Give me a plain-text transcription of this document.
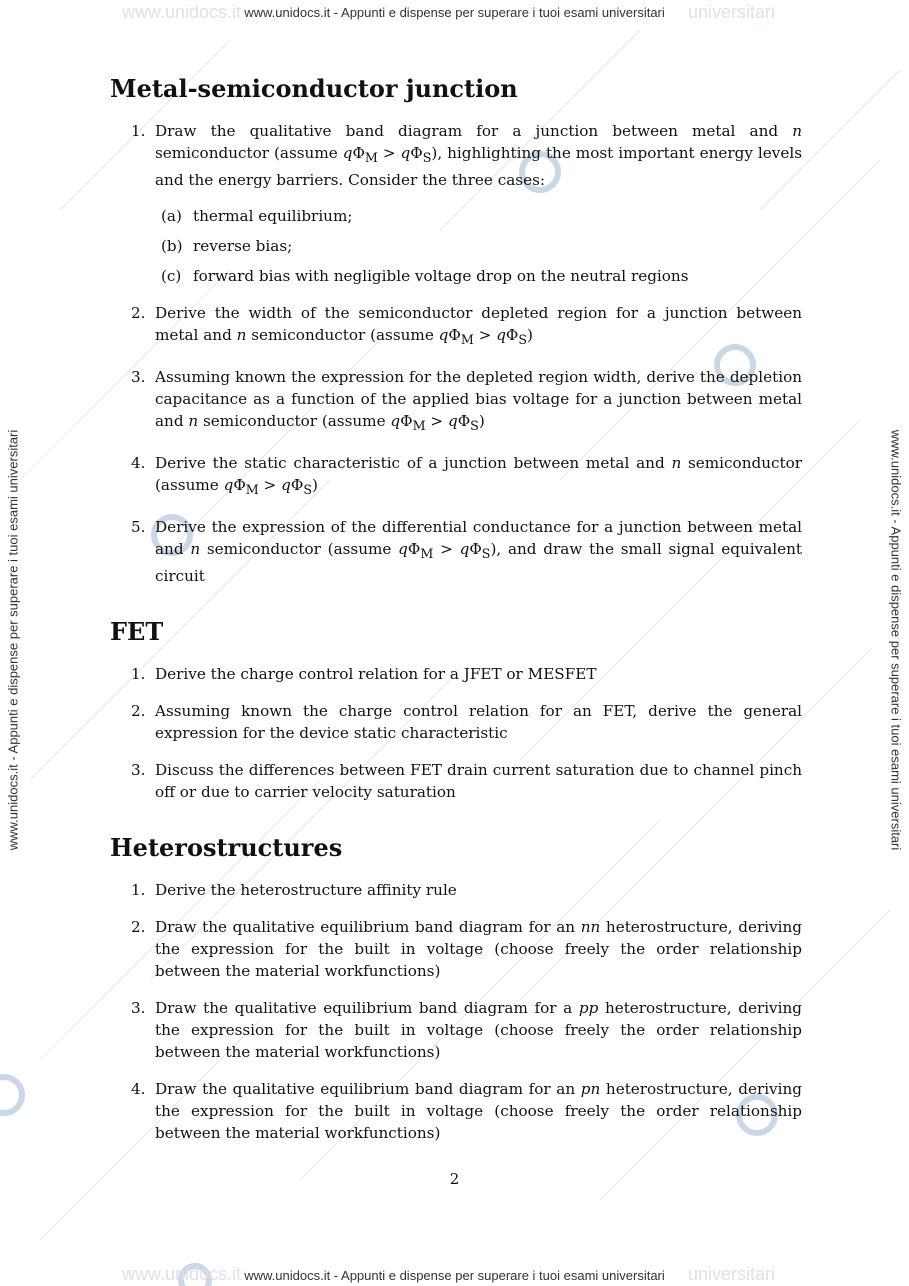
www.unidocs.it	universitari
www.unidocs.it	universitari
www.unidocs.it - Appunti e dispense per superare i tuoi esami universitari
www.unidocs.it - Appunti e dispense per superare i tuoi esami universitari
www.unidocs.it - Appunti e dispense per superare i tuoi esami universitari	www.unidocs.it - Appunti e dispense per superare i tuoi esami universitari
Metal-semiconductor junction
1. Draw the qualitative band diagram for a junction between metal and n semiconductor (assume $q\Phi_M > q\Phi_S$), highlighting the most important energy levels and the energy barriers. Consider the three cases:
(a) thermal equilibrium;
(b) reverse bias;
(c) forward bias with negligible voltage drop on the neutral regions
2. Derive the width of the semiconductor depleted region for a junction between metal and n semiconductor (assume $q\Phi_M > q\Phi_S$)
3. Assuming known the expression for the depleted region width, derive the depletion capacitance as a function of the applied bias voltage for a junction between metal and n semiconductor (assume $q\Phi_M > q\Phi_S$)
4. Derive the static characteristic of a junction between metal and n semiconductor (assume $q\Phi_M > q\Phi_S$)
5. Derive the expression of the differential conductance for a junction between metal and n semiconductor (assume $q\Phi_M > q\Phi_S$), and draw the small signal equivalent circuit
FET
1. Derive the charge control relation for a JFET or MESFET
2. Assuming known the charge control relation for an FET, derive the general expression for the device static characteristic
3. Discuss the differences between FET drain current saturation due to channel pinch off or due to carrier velocity saturation
Heterostructures
1. Derive the heterostructure affinity rule
2. Draw the qualitative equilibrium band diagram for an nn heterostructure, deriving the expression for the built in voltage (choose freely the order relationship between the material workfunctions)
3. Draw the qualitative equilibrium band diagram for a pp heterostructure, deriving the expression for the built in voltage (choose freely the order relationship between the material workfunctions)
4. Draw the qualitative equilibrium band diagram for an pn heterostructure, deriving the expression for the built in voltage (choose freely the order relationship between the material workfunctions)
2
